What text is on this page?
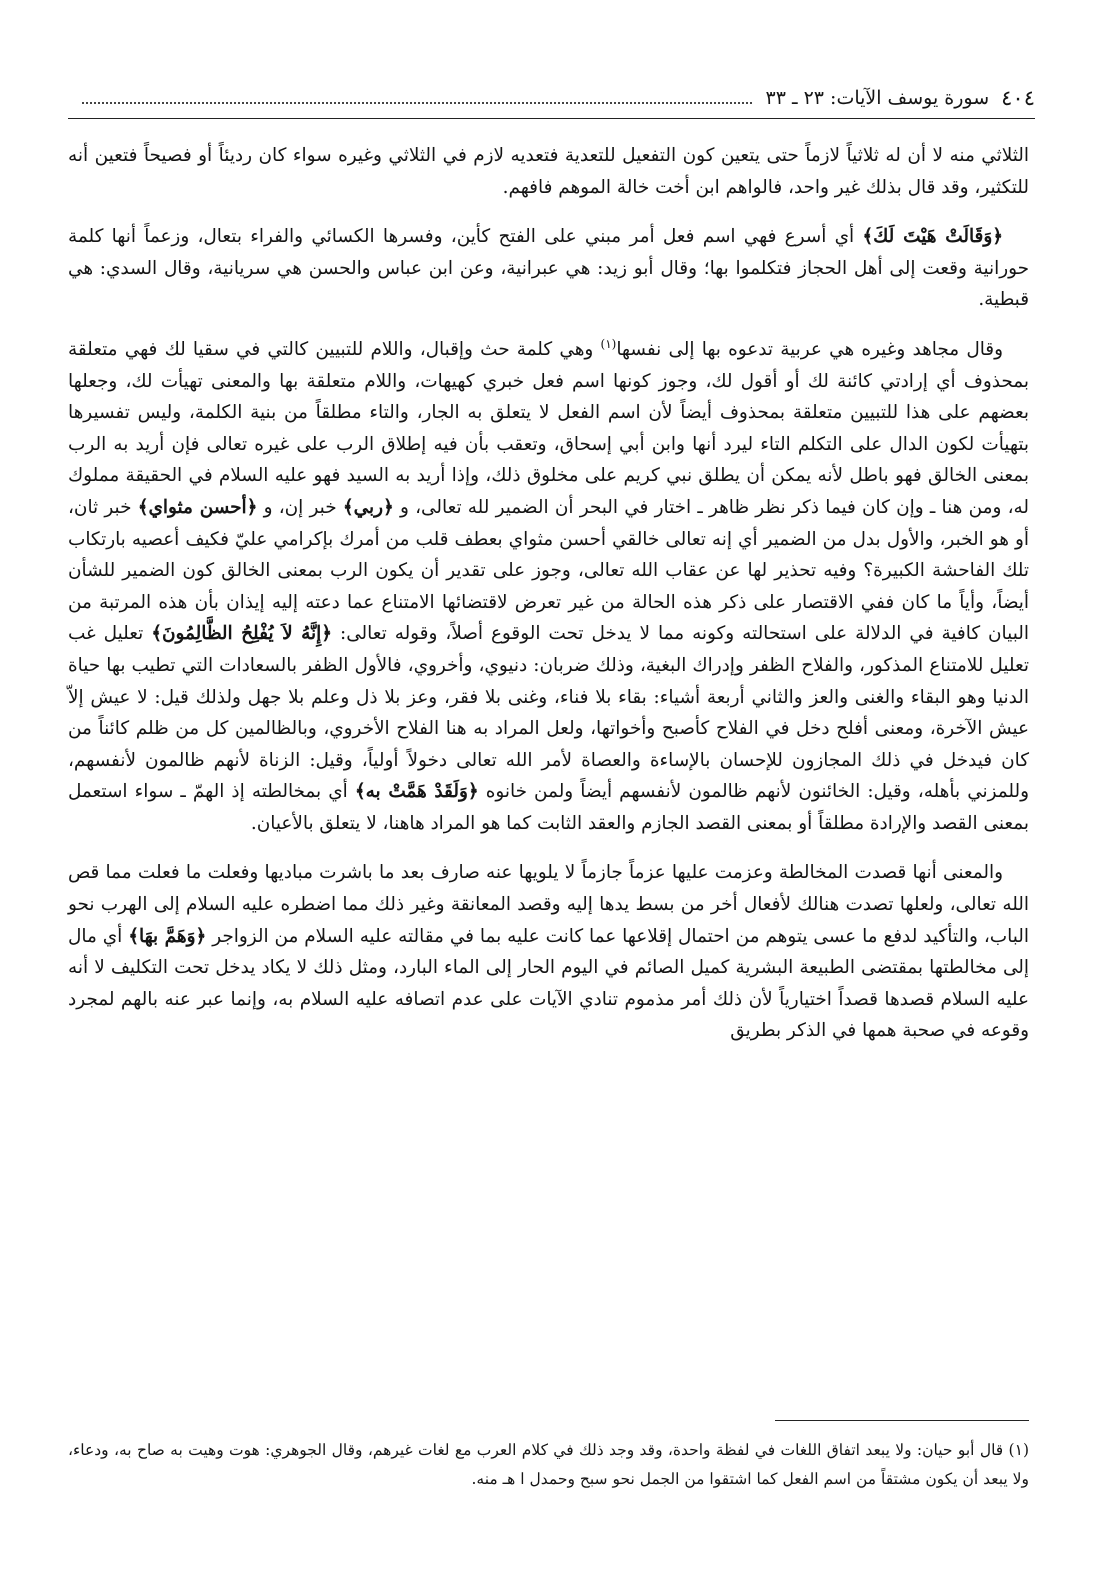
٤٠٤
سورة يوسف الآيات: ٢٣ ـ ٣٣

الثلاثي منه لا أن له ثلاثياً لازماً حتى يتعين كون التفعيل للتعدية فتعديه لازم في الثلاثي وغيره سواء كان رديئاً أو فصيحاً فتعين أنه للتكثير، وقد قال بذلك غير واحد، فالواهم ابن أخت خالة الموهم فافهم.

﴿وَقَالَتْ هَيْتَ لَكَ﴾ أي أسرع فهي اسم فعل أمر مبني على الفتح كأين، وفسرها الكسائي والفراء بتعال، وزعماً أنها كلمة حورانية وقعت إلى أهل الحجاز فتكلموا بها؛ وقال أبو زيد: هي عبرانية، وعن ابن عباس والحسن هي سريانية، وقال السدي: هي قبطية.

وقال مجاهد وغيره هي عربية تدعوه بها إلى نفسها$^{(١)}$ وهي كلمة حث وإقبال، واللام للتبيين كالتي في سقيا لك فهي متعلقة بمحذوف أي إرادتي كائنة لك أو أقول لك، وجوز كونها اسم فعل خبري كهيهات، واللام متعلقة بها والمعنى تهيأت لك، وجعلها بعضهم على هذا للتبيين متعلقة بمحذوف أيضاً لأن اسم الفعل لا يتعلق به الجار، والتاء مطلقاً من بنية الكلمة، وليس تفسيرها بتهيأت لكون الدال على التكلم التاء ليرد أنها وابن أبي إسحاق، وتعقب بأن فيه إطلاق الرب على غيره تعالى فإن أريد به الرب بمعنى الخالق فهو باطل لأنه يمكن أن يطلق نبي كريم على مخلوق ذلك، وإذا أريد به السيد فهو عليه السلام في الحقيقة مملوك له، ومن هنا ـ وإن كان فيما ذكر نظر ظاهر ـ اختار في البحر أن الضمير لله تعالى، و ﴿ربي﴾ خبر إن، و ﴿أحسن مثواي﴾ خبر ثان، أو هو الخبر، والأول بدل من الضمير أي إنه تعالى خالقي أحسن مثواي بعطف قلب من أمرك بإكرامي عليّ فكيف أعصيه بارتكاب تلك الفاحشة الكبيرة؟ وفيه تحذير لها عن عقاب الله تعالى، وجوز على تقدير أن يكون الرب بمعنى الخالق كون الضمير للشأن أيضاً، وأياً ما كان ففي الاقتصار على ذكر هذه الحالة من غير تعرض لاقتضائها الامتناع عما دعته إليه إيذان بأن هذه المرتبة من البيان كافية في الدلالة على استحالته وكونه مما لا يدخل تحت الوقوع أصلاً، وقوله تعالى: ﴿إِنَّهُ لاَ يُفْلِحُ الظَّالِمُونَ﴾ تعليل غب تعليل للامتناع المذكور، والفلاح الظفر وإدراك البغية، وذلك ضربان: دنيوي، وأخروي، فالأول الظفر بالسعادات التي تطيب بها حياة الدنيا وهو البقاء والغنى والعز والثاني أربعة أشياء: بقاء بلا فناء، وغنى بلا فقر، وعز بلا ذل وعلم بلا جهل ولذلك قيل: لا عيش إلاّ عيش الآخرة، ومعنى أفلح دخل في الفلاح كأصبح وأخواتها، ولعل المراد به هنا الفلاح الأخروي، وبالظالمين كل من ظلم كائناً من كان فيدخل في ذلك المجازون للإحسان بالإساءة والعصاة لأمر الله تعالى دخولاً أولياً، وقيل: الزناة لأنهم ظالمون لأنفسهم، وللمزني بأهله، وقيل: الخائنون لأنهم ظالمون لأنفسهم أيضاً ولمن خانوه ﴿وَلَقَدْ هَمَّتْ به﴾ أي بمخالطته إذ الهمّ ـ سواء استعمل بمعنى القصد والإرادة مطلقاً أو بمعنى القصد الجازم والعقد الثابت كما هو المراد هاهنا، لا يتعلق بالأعيان.

والمعنى أنها قصدت المخالطة وعزمت عليها عزماً جازماً لا يلويها عنه صارف بعد ما باشرت مباديها وفعلت ما فعلت مما قص الله تعالى، ولعلها تصدت هنالك لأفعال أخر من بسط يدها إليه وقصد المعانقة وغير ذلك مما اضطره عليه السلام إلى الهرب نحو الباب، والتأكيد لدفع ما عسى يتوهم من احتمال إقلاعها عما كانت عليه بما في مقالته عليه السلام من الزواجر ﴿وَهَمَّ بهَا﴾ أي مال إلى مخالطتها بمقتضى الطبيعة البشرية كميل الصائم في اليوم الحار إلى الماء البارد، ومثل ذلك لا يكاد يدخل تحت التكليف لا أنه عليه السلام قصدها قصداً اختيارياً لأن ذلك أمر مذموم تنادي الآيات على عدم اتصافه عليه السلام به، وإنما عبر عنه بالهم لمجرد وقوعه في صحبة همها في الذكر بطريق

(١) قال أبو حيان: ولا يبعد اتفاق اللغات في لفظة واحدة، وقد وجد ذلك في كلام العرب مع لغات غيرهم، وقال الجوهري: هوت وهيت به صاح به، ودعاء، ولا يبعد أن يكون مشتقاً من اسم الفعل كما اشتقوا من الجمل نحو سبح وحمدل ا هـ منه.
